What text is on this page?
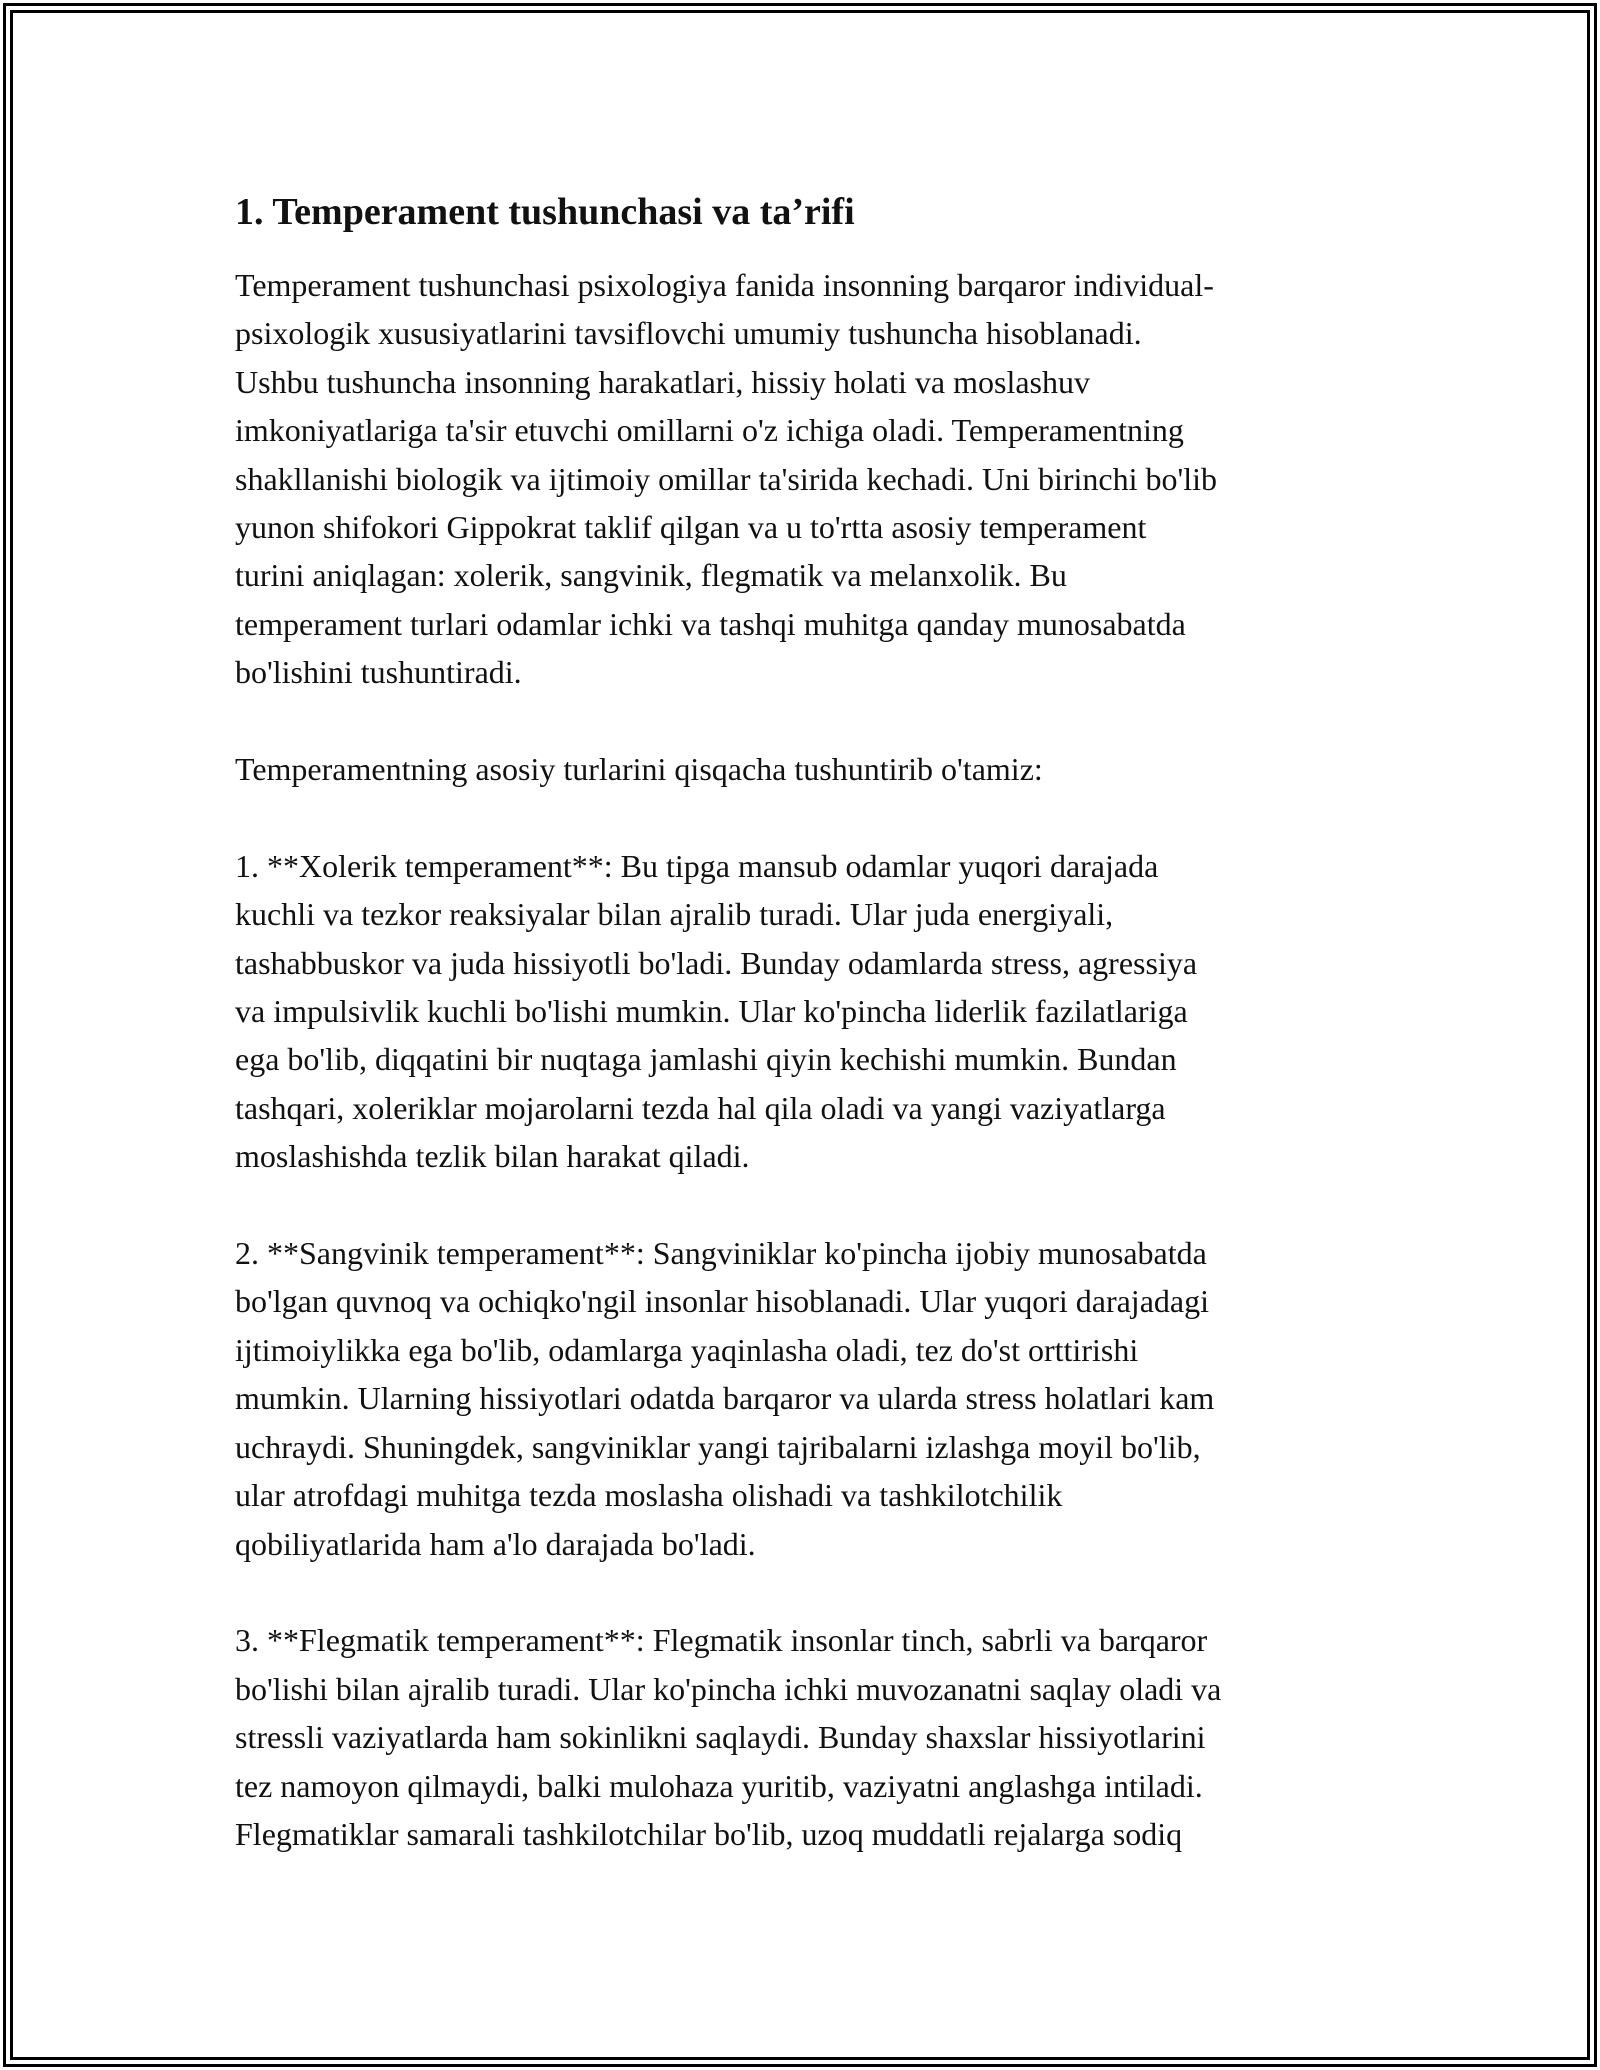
1. Temperament tushunchasi va ta’rifi
Temperament tushunchasi psixologiya fanida insonning barqaror individual-
psixologik xususiyatlarini tavsiflovchi umumiy tushuncha hisoblanadi.
Ushbu tushuncha insonning harakatlari, hissiy holati va moslashuv
imkoniyatlariga ta'sir etuvchi omillarni o'z ichiga oladi. Temperamentning
shakllanishi biologik va ijtimoiy omillar ta'sirida kechadi. Uni birinchi bo'lib
yunon shifokori Gippokrat taklif qilgan va u to'rtta asosiy temperament
turini aniqlagan: xolerik, sangvinik, flegmatik va melanxolik. Bu
temperament turlari odamlar ichki va tashqi muhitga qanday munosabatda
bo'lishini tushuntiradi.
Temperamentning asosiy turlarini qisqacha tushuntirib o'tamiz:
1. **Xolerik temperament**: Bu tipga mansub odamlar yuqori darajada
kuchli va tezkor reaksiyalar bilan ajralib turadi. Ular juda energiyali,
tashabbuskor va juda hissiyotli bo'ladi. Bunday odamlarda stress, agressiya
va impulsivlik kuchli bo'lishi mumkin. Ular ko'pincha liderlik fazilatlariga
ega bo'lib, diqqatini bir nuqtaga jamlashi qiyin kechishi mumkin. Bundan
tashqari, xoleriklar mojarolarni tezda hal qila oladi va yangi vaziyatlarga
moslashishda tezlik bilan harakat qiladi.
2. **Sangvinik temperament**: Sangviniklar ko'pincha ijobiy munosabatda
bo'lgan quvnoq va ochiqko'ngil insonlar hisoblanadi. Ular yuqori darajadagi
ijtimoiylikka ega bo'lib, odamlarga yaqinlasha oladi, tez do'st orttirishi
mumkin. Ularning hissiyotlari odatda barqaror va ularda stress holatlari kam
uchraydi. Shuningdek, sangviniklar yangi tajribalarni izlashga moyil bo'lib,
ular atrofdagi muhitga tezda moslasha olishadi va tashkilotchilik
qobiliyatlarida ham a'lo darajada bo'ladi.
3. **Flegmatik temperament**: Flegmatik insonlar tinch, sabrli va barqaror
bo'lishi bilan ajralib turadi. Ular ko'pincha ichki muvozanatni saqlay oladi va
stressli vaziyatlarda ham sokinlikni saqlaydi. Bunday shaxslar hissiyotlarini
tez namoyon qilmaydi, balki mulohaza yuritib, vaziyatni anglashga intiladi.
Flegmatiklar samarali tashkilotchilar bo'lib, uzoq muddatli rejalarga sodiq
